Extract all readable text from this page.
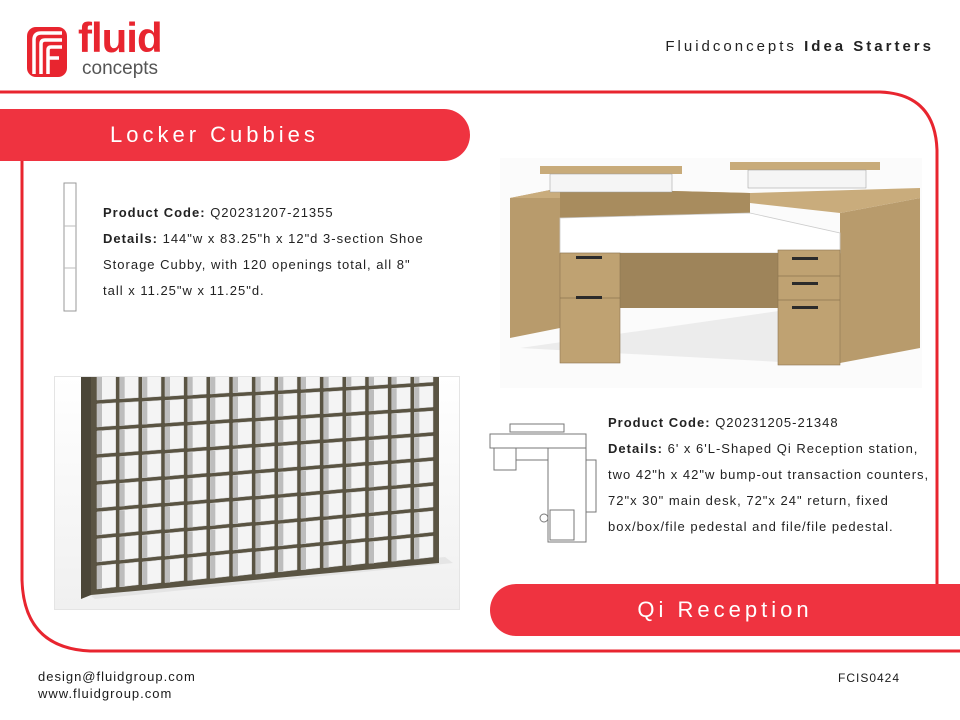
fluid
concepts
Fluidconcepts Idea Starters
Locker Cubbies
Product Code: Q20231207-21355
Details: 144"w x 83.25"h x 12"d 3-section Shoe Storage Cubby, with 120 openings total, all 8" tall x 11.25"w x 11.25"d.
Product Code: Q20231205-21348
Details: 6' x 6'L-Shaped Qi Reception station, two 42"h x 42"w bump-out transaction counters, 72"x 30" main desk, 72"x 24" return, fixed box/box/file pedestal and file/file pedestal.
Qi Reception
design@fluidgroup.com
www.fluidgroup.com
FCIS0424
